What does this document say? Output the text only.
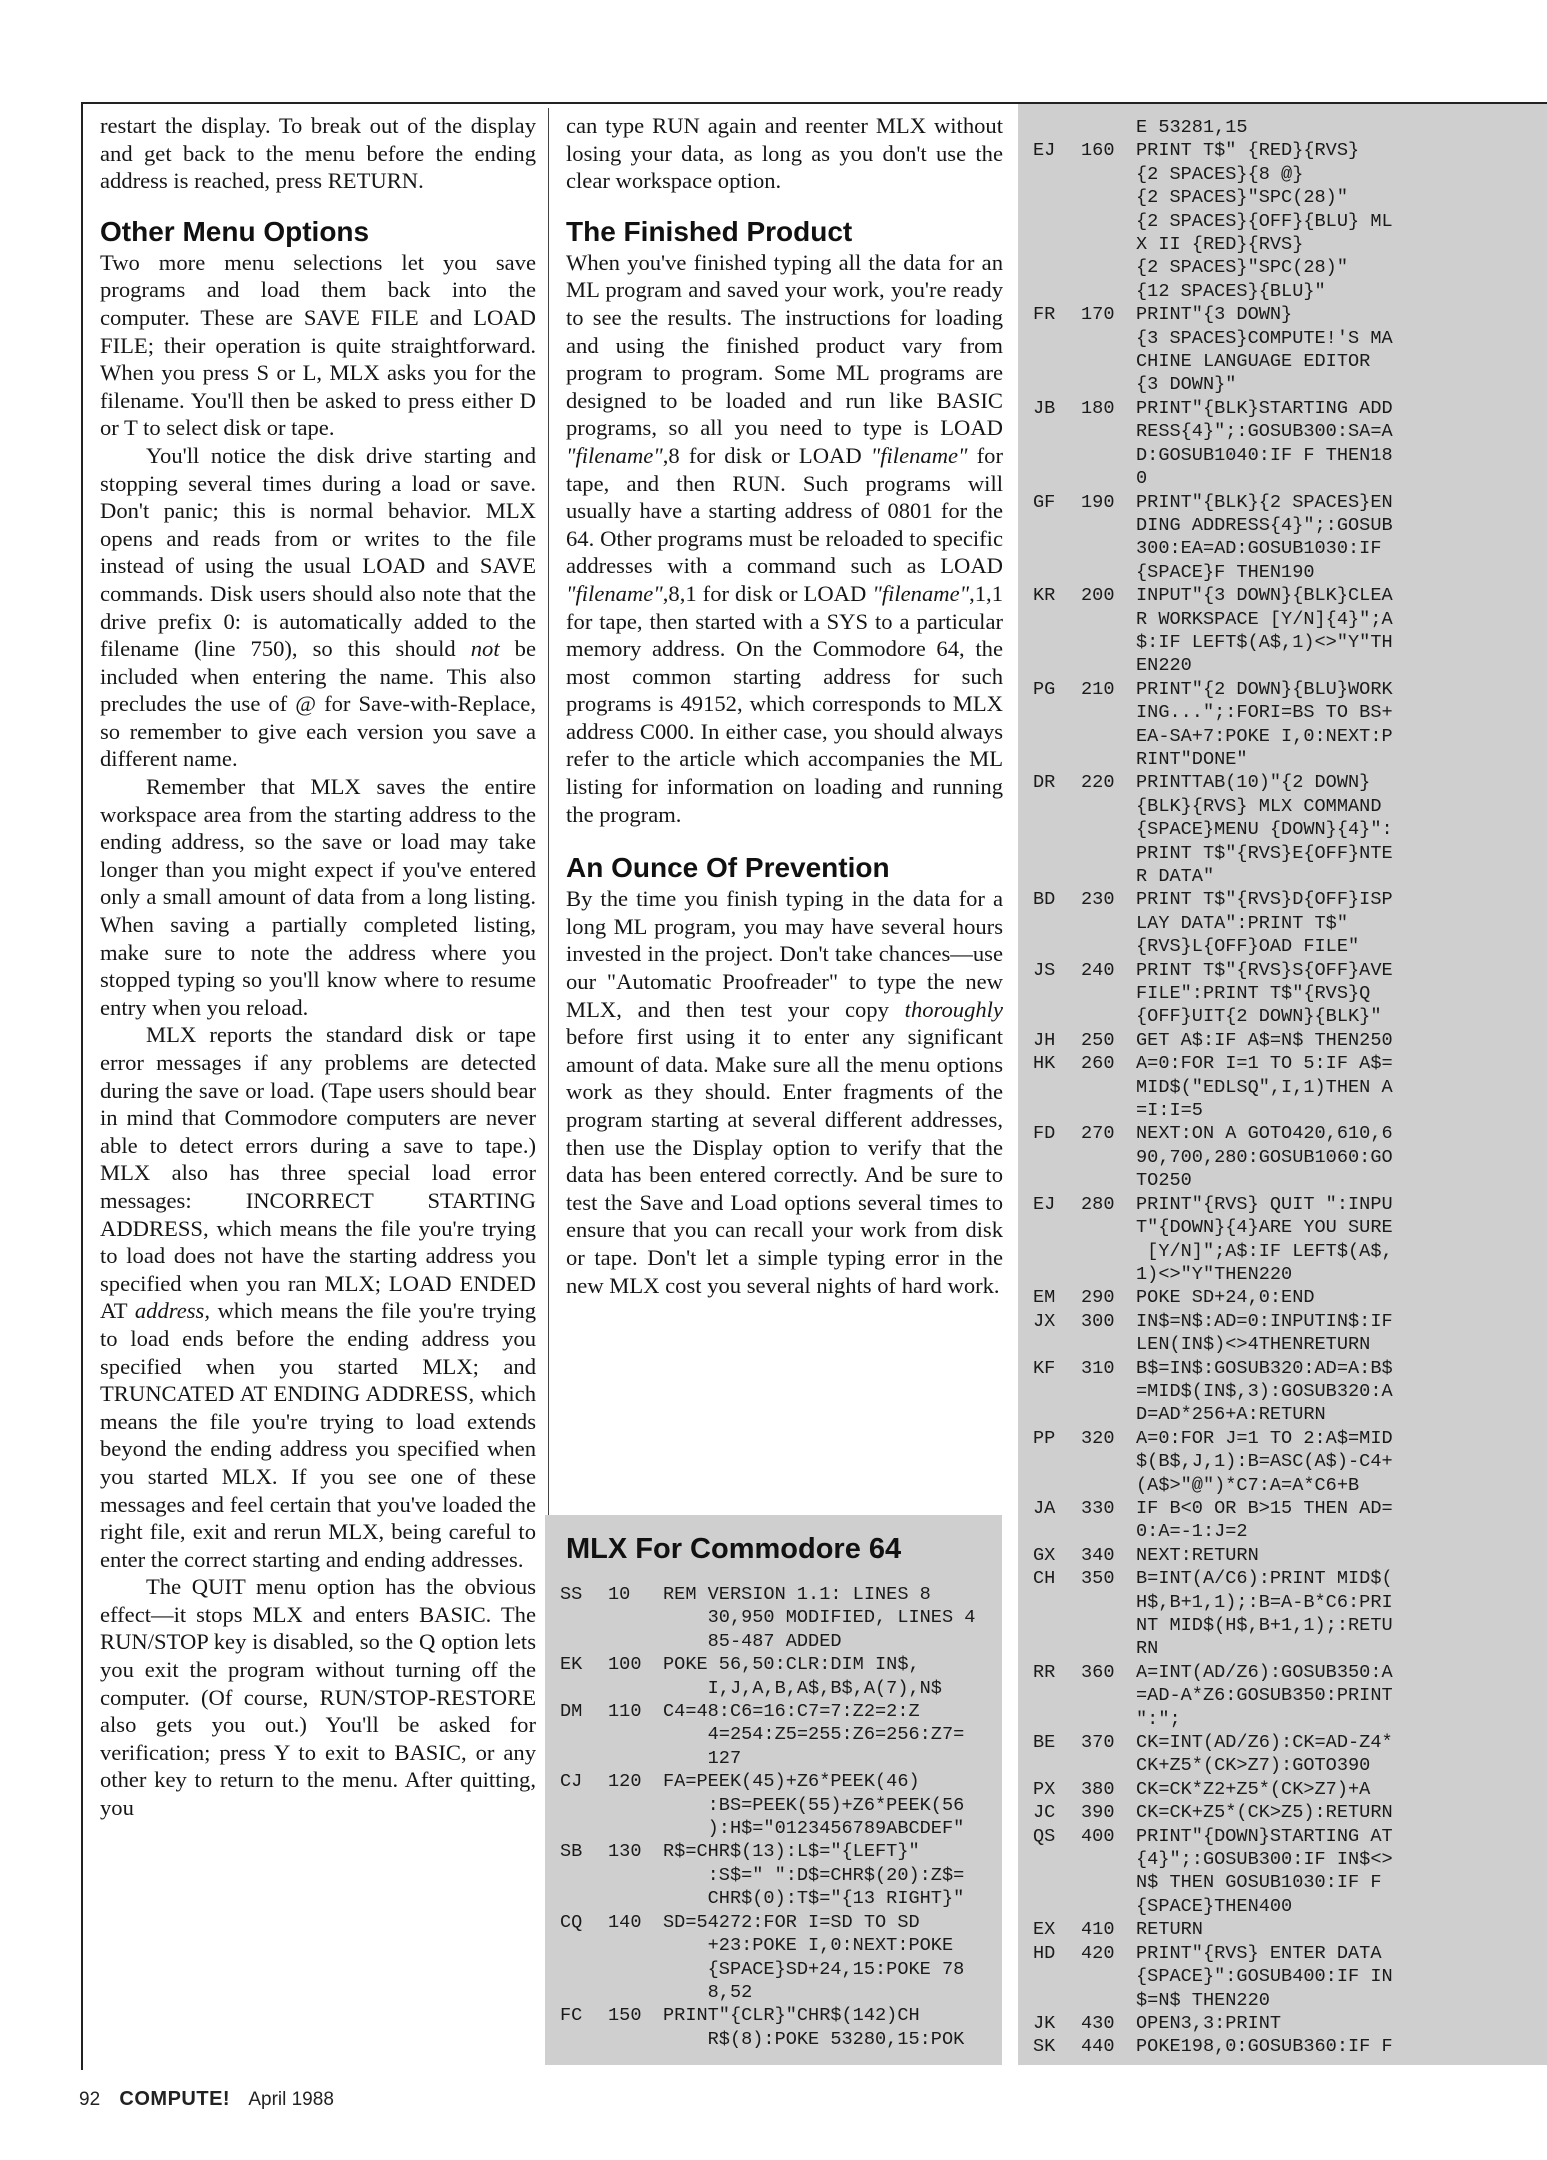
restart the display. To break out of the display and get back to the menu before the ending address is reached, press RETURN.

Other Menu Options

Two more menu selections let you save programs and load them back into the computer. These are SAVE FILE and LOAD FILE; their operation is quite straightforward. When you press S or L, MLX asks you for the filename. You'll then be asked to press either D or T to select disk or tape.

You'll notice the disk drive starting and stopping several times during a load or save. Don't panic; this is normal behavior. MLX opens and reads from or writes to the file instead of using the usual LOAD and SAVE commands. Disk users should also note that the drive prefix 0: is automatically added to the filename (line 750), so this should not be included when entering the name. This also precludes the use of @ for Save-with-Replace, so remember to give each version you save a different name.

Remember that MLX saves the entire workspace area from the starting address to the ending address, so the save or load may take longer than you might expect if you've entered only a small amount of data from a long listing. When saving a partially completed listing, make sure to note the address where you stopped typing so you'll know where to resume entry when you reload.

MLX reports the standard disk or tape error messages if any problems are detected during the save or load. (Tape users should bear in mind that Commodore computers are never able to detect errors during a save to tape.) MLX also has three special load error messages: INCORRECT STARTING ADDRESS, which means the file you're trying to load does not have the starting address you specified when you ran MLX; LOAD ENDED AT address, which means the file you're trying to load ends before the ending address you specified when you started MLX; and TRUNCATED AT ENDING ADDRESS, which means the file you're trying to load extends beyond the ending address you specified when you started MLX. If you see one of these messages and feel certain that you've loaded the right file, exit and rerun MLX, being careful to enter the correct starting and ending addresses.

The QUIT menu option has the obvious effect—it stops MLX and enters BASIC. The RUN/STOP key is disabled, so the Q option lets you exit the program without turning off the computer. (Of course, RUN/STOP-RESTORE also gets you out.) You'll be asked for verification; press Y to exit to BASIC, or any other key to return to the menu. After quitting, you

can type RUN again and reenter MLX without losing your data, as long as you don't use the clear workspace option.

The Finished Product

When you've finished typing all the data for an ML program and saved your work, you're ready to see the results. The instructions for loading and using the finished product vary from program to program. Some ML programs are designed to be loaded and run like BASIC programs, so all you need to type is LOAD "filename",8 for disk or LOAD "filename" for tape, and then RUN. Such programs will usually have a starting address of 0801 for the 64. Other programs must be reloaded to specific addresses with a command such as LOAD "filename",8,1 for disk or LOAD "filename",1,1 for tape, then started with a SYS to a particular memory address. On the Commodore 64, the most common starting address for such programs is 49152, which corresponds to MLX address C000. In either case, you should always refer to the article which accompanies the ML listing for information on loading and running the program.

An Ounce Of Prevention

By the time you finish typing in the data for a long ML program, you may have several hours invested in the project. Don't take chances—use our "Automatic Proofreader" to type the new MLX, and then test your copy thoroughly before first using it to enter any significant amount of data. Make sure all the menu options work as they should. Enter fragments of the program starting at several different addresses, then use the Display option to verify that the data has been entered correctly. And be sure to test the Save and Load options several times to ensure that you can recall your work from disk or tape. Don't let a simple typing error in the new MLX cost you several nights of hard work.

MLX For Commodore 64
SS	10	REM VERSION 1.1: LINES 8
30,950 MODIFIED, LINES 4
85-487 ADDED
EK	100	POKE 56,50:CLR:DIM IN$,
I,J,A,B,A$,B$,A(7),N$
DM	110	C4=48:C6=16:C7=7:Z2=2:Z
4=254:Z5=255:Z6=256:Z7=
127
CJ	120	FA=PEEK(45)+Z6*PEEK(46)
:BS=PEEK(55)+Z6*PEEK(56
):H$="0123456789ABCDEF"
SB	130	R$=CHR$(13):L$="{LEFT}"
:S$=" ":D$=CHR$(20):Z$=
CHR$(0):T$="{13 RIGHT}"
CQ	140	SD=54272:FOR I=SD TO SD
+23:POKE I,0:NEXT:POKE
{SPACE}SD+24,15:POKE 78
8,52
FC	150	PRINT"{CLR}"CHR$(142)CH
R$(8):POKE 53280,15:POK
E 53281,15
EJ	160	PRINT T$" {RED}{RVS}
{2 SPACES}{8 @}
{2 SPACES}"SPC(28)"
{2 SPACES}{OFF}{BLU} ML
X II {RED}{RVS}
{2 SPACES}"SPC(28)"
{12 SPACES}{BLU}"
FR	170	PRINT"{3 DOWN}
{3 SPACES}COMPUTE!'S MA
CHINE LANGUAGE EDITOR
{3 DOWN}"
JB	180	PRINT"{BLK}STARTING ADD
RESS{4}";:GOSUB300:SA=A
D:GOSUB1040:IF F THEN18
0
GF	190	PRINT"{BLK}{2 SPACES}EN
DING ADDRESS{4}";:GOSUB
300:EA=AD:GOSUB1030:IF
{SPACE}F THEN190
KR	200	INPUT"{3 DOWN}{BLK}CLEA
R WORKSPACE [Y/N]{4}";A
$:IF LEFT$(A$,1)<>"Y"TH
EN220
PG	210	PRINT"{2 DOWN}{BLU}WORK
ING...";:FORI=BS TO BS+
EA-SA+7:POKE I,0:NEXT:P
RINT"DONE"
DR	220	PRINTTAB(10)"{2 DOWN}
{BLK}{RVS} MLX COMMAND
{SPACE}MENU {DOWN}{4}":
PRINT T$"{RVS}E{OFF}NTE
R DATA"
BD	230	PRINT T$"{RVS}D{OFF}ISP
LAY DATA":PRINT T$"
{RVS}L{OFF}OAD FILE"
JS	240	PRINT T$"{RVS}S{OFF}AVE
FILE":PRINT T$"{RVS}Q
{OFF}UIT{2 DOWN}{BLK}"
JH	250	GET A$:IF A$=N$ THEN250
HK	260	A=0:FOR I=1 TO 5:IF A$=
MID$("EDLSQ",I,1)THEN A
=I:I=5
FD	270	NEXT:ON A GOTO420,610,6
90,700,280:GOSUB1060:GO
TO250
EJ	280	PRINT"{RVS} QUIT ":INPU
T"{DOWN}{4}ARE YOU SURE
[Y/N]";A$:IF LEFT$(A$,
1)<>"Y"THEN220
EM	290	POKE SD+24,0:END
JX	300	IN$=N$:AD=0:INPUTIN$:IF
LEN(IN$)<>4THENRETURN
KF	310	B$=IN$:GOSUB320:AD=A:B$
=MID$(IN$,3):GOSUB320:A
D=AD*256+A:RETURN
PP	320	A=0:FOR J=1 TO 2:A$=MID
$(B$,J,1):B=ASC(A$)-C4+
(A$>"@")*C7:A=A*C6+B
JA	330	IF B<0 OR B>15 THEN AD=
0:A=-1:J=2
GX	340	NEXT:RETURN
CH	350	B=INT(A/C6):PRINT MID$(
H$,B+1,1);:B=A-B*C6:PRI
NT MID$(H$,B+1,1);:RETU
RN
RR	360	A=INT(AD/Z6):GOSUB350:A
=AD-A*Z6:GOSUB350:PRINT
":";
BE	370	CK=INT(AD/Z6):CK=AD-Z4*
CK+Z5*(CK>Z7):GOTO390
PX	380	CK=CK*Z2+Z5*(CK>Z7)+A
JC	390	CK=CK+Z5*(CK>Z5):RETURN
QS	400	PRINT"{DOWN}STARTING AT
{4}";:GOSUB300:IF IN$<>
N$ THEN GOSUB1030:IF F
{SPACE}THEN400
EX	410	RETURN
HD	420	PRINT"{RVS} ENTER DATA
{SPACE}":GOSUB400:IF IN
$=N$ THEN220
JK	430	OPEN3,3:PRINT
SK	440	POKE198,0:GOSUB360:IF F
92 COMPUTE! April 1988
